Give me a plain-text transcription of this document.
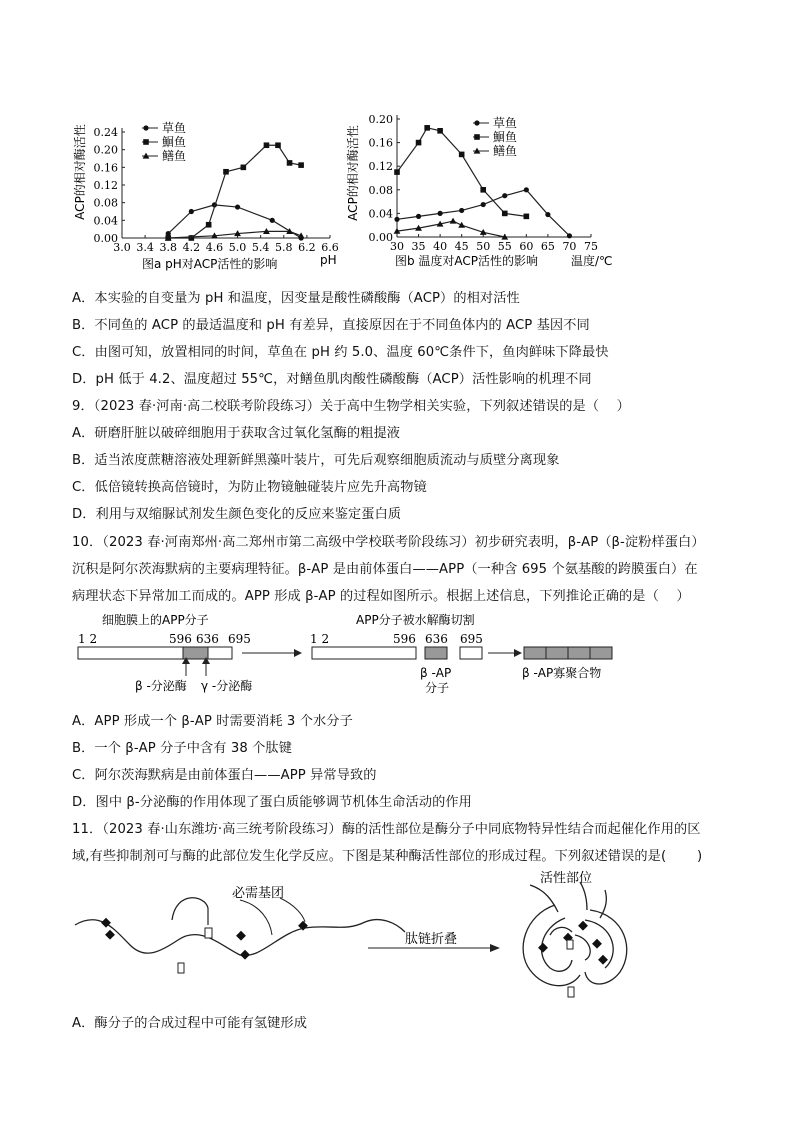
3.0 3.4 3.8 4.2 4.6 5.0 5.4 5.8 6.2 6.6
0.00
0.04
0.08
0.12
0.16
0.20
0.24
ACP的相对酶活性
pH
图a pH对ACP活性的影响
草鱼
鮰鱼
鳝鱼
30 35 40 45 50 55 60 65 70 75
0.00
0.04
0.08
0.12
0.16
0.20
ACP的相对酶活性
温度/℃
图b 温度对ACP活性的影响
草鱼
鮰鱼
鳝鱼
A．本实验的自变量为 pH 和温度，因变量是酸性磷酸酶（ACP）的相对活性
B．不同鱼的 ACP 的最适温度和 pH 有差异，直接原因在于不同鱼体内的 ACP 基因不同
C．由图可知，放置相同的时间，草鱼在 pH 约 5.0、温度 60℃条件下，鱼肉鲜味下降最快
D．pH 低于 4.2、温度超过 55℃，对鳝鱼肌肉酸性磷酸酶（ACP）活性影响的机理不同
9．（2023 春·河南·高二校联考阶段练习）关于高中生物学相关实验，下列叙述错误的是（　 ）
A．研磨肝脏以破碎细胞用于获取含过氧化氢酶的粗提液
B．适当浓度蔗糖溶液处理新鲜黑藻叶装片，可先后观察细胞质流动与质壁分离现象
C．低倍镜转换高倍镜时，为防止物镜触碰装片应先升高物镜
D．利用与双缩脲试剂发生颜色变化的反应来鉴定蛋白质
10．（2023 春·河南郑州·高二郑州市第二高级中学校联考阶段练习）初步研究表明，β-AP（β-淀粉样蛋白）
沉积是阿尔茨海默病的主要病理特征。β-AP 是由前体蛋白——APP（一种含 695 个氨基酸的跨膜蛋白）在
病理状态下异常加工而成的。APP 形成 β-AP 的过程如图所示。根据上述信息，下列推论正确的是（　 ）
细胞膜上的APP分子	APP分子被水解酶切割
1 2	596 636 695
β -分泌酶 γ -分泌酶
1 2	596 636 695
β -AP
分子
β -AP寡聚合物
A．APP 形成一个 β-AP 时需要消耗 3 个水分子
B．一个 β-AP 分子中含有 38 个肽键
C．阿尔茨海默病是由前体蛋白——APP 异常导致的
D．图中 β-分泌酶的作用体现了蛋白质能够调节机体生命活动的作用
11．（2023 春·山东潍坊·高三统考阶段练习）酶的活性部位是酶分子中同底物特异性结合而起催化作用的区
域,有些抑制剂可与酶的此部位发生化学反应。下图是某种酶活性部位的形成过程。下列叙述错误的是(　　 )
必需基团
肽链折叠
活性部位
A．酶分子的合成过程中可能有氢键形成
